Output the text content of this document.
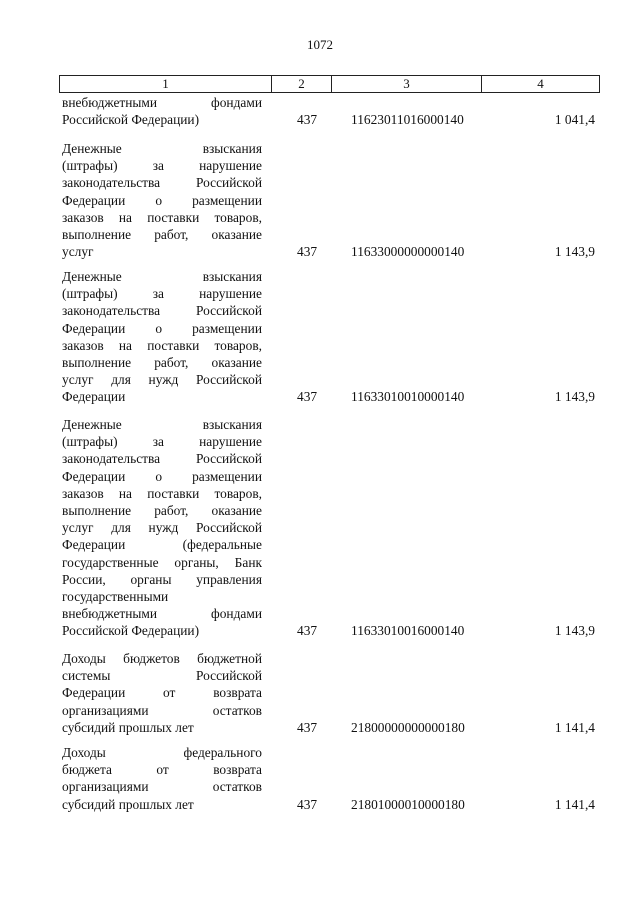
1072
1	2	3	4
внебюджетными фондами
Российской Федерации)	437	11623011016000140	1 041,4
Денежные взыскания
(штрафы) за нарушение
законодательства Российской
Федерации о размещении
заказов на поставки товаров,
выполнение работ, оказание
услуг	437	11633000000000140	1 143,9
Денежные взыскания
(штрафы) за нарушение
законодательства Российской
Федерации о размещении
заказов на поставки товаров,
выполнение работ, оказание
услуг для нужд Российской
Федерации	437	11633010010000140	1 143,9
Денежные взыскания
(штрафы) за нарушение
законодательства Российской
Федерации о размещении
заказов на поставки товаров,
выполнение работ, оказание
услуг для нужд Российской
Федерации (федеральные
государственные органы, Банк
России, органы управления
государственными
внебюджетными фондами
Российской Федерации)	437	11633010016000140	1 143,9
Доходы бюджетов бюджетной
системы Российской
Федерации от возврата
организациями остатков
субсидий прошлых лет	437	21800000000000180	1 141,4
Доходы федерального
бюджета от возврата
организациями остатков
субсидий прошлых лет	437	21801000010000180	1 141,4
